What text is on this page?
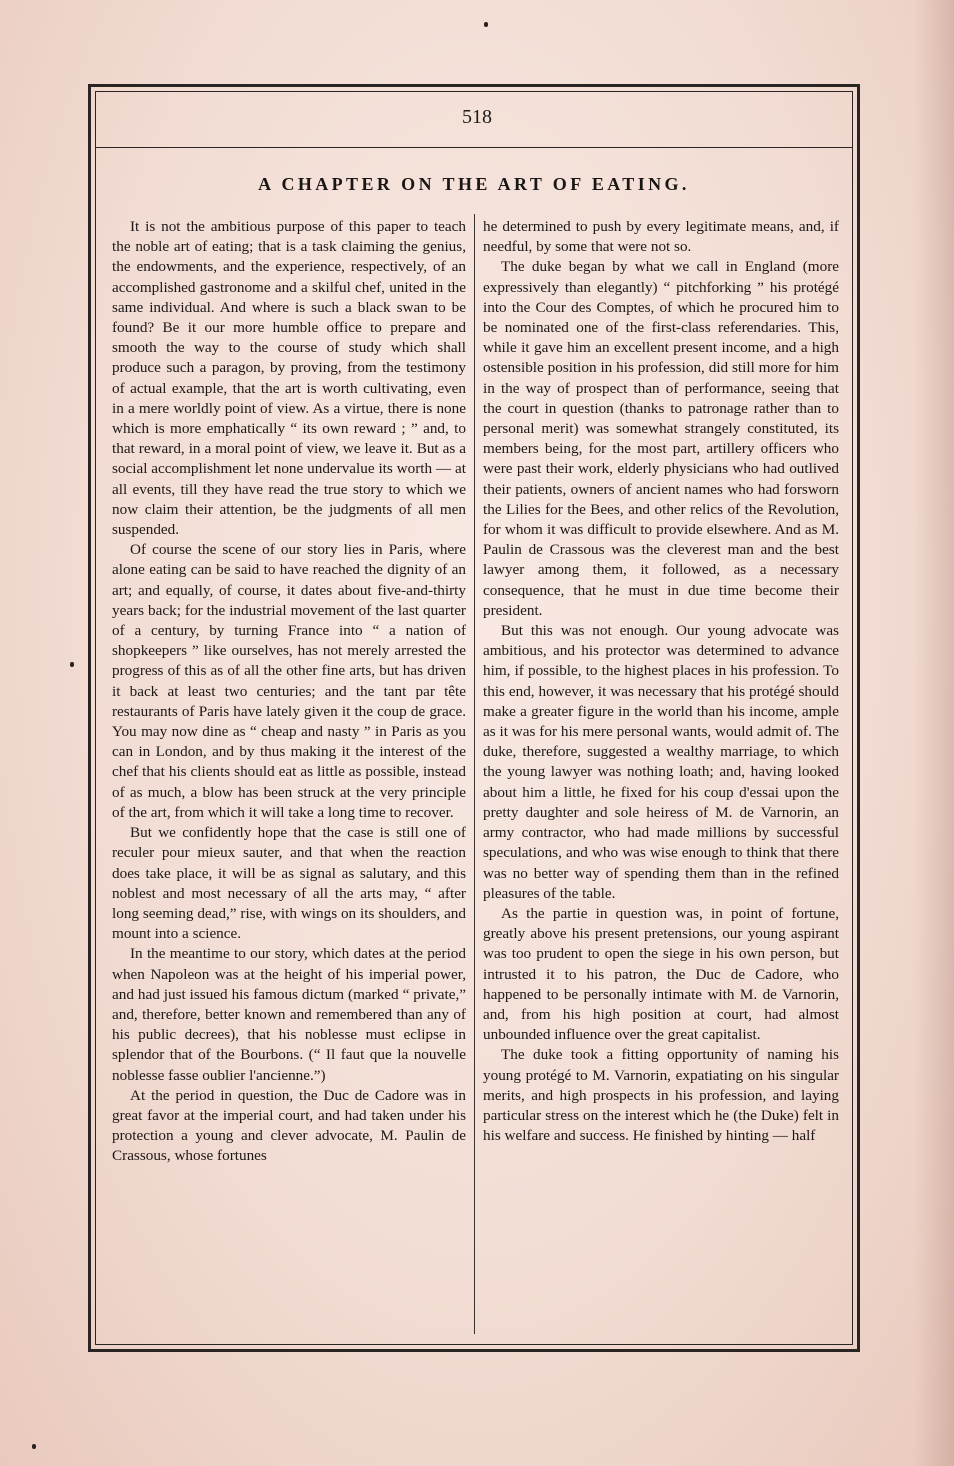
518

A CHAPTER ON THE ART OF EATING.

It is not the ambitious purpose of this paper to teach the noble art of eating; that is a task claiming the genius, the endowments, and the experience, respectively, of an accomplished gastronome and a skilful chef, united in the same individual. And where is such a black swan to be found? Be it our more humble office to prepare and smooth the way to the course of study which shall produce such a paragon, by proving, from the testimony of actual example, that the art is worth cultivating, even in a mere worldly point of view. As a virtue, there is none which is more emphatically “ its own reward ; ” and, to that reward, in a moral point of view, we leave it. But as a social accomplishment let none undervalue its worth — at all events, till they have read the true story to which we now claim their attention, be the judgments of all men suspended.

Of course the scene of our story lies in Paris, where alone eating can be said to have reached the dignity of an art; and equally, of course, it dates about five-and-thirty years back; for the industrial movement of the last quarter of a century, by turning France into “ a nation of shopkeepers ” like ourselves, has not merely arrested the progress of this as of all the other fine arts, but has driven it back at least two centuries; and the tant par tête restaurants of Paris have lately given it the coup de grace. You may now dine as “ cheap and nasty ” in Paris as you can in London, and by thus making it the interest of the chef that his clients should eat as little as possible, instead of as much, a blow has been struck at the very principle of the art, from which it will take a long time to recover.

But we confidently hope that the case is still one of reculer pour mieux sauter, and that when the reaction does take place, it will be as signal as salutary, and this noblest and most necessary of all the arts may, “ after long seeming dead,” rise, with wings on its shoulders, and mount into a science.

In the meantime to our story, which dates at the period when Napoleon was at the height of his imperial power, and had just issued his famous dictum (marked “ private,” and, therefore, better known and remembered than any of his public decrees), that his noblesse must eclipse in splendor that of the Bourbons. (“ Il faut que la nouvelle noblesse fasse oublier l'ancienne.”)

At the period in question, the Duc de Cadore was in great favor at the imperial court, and had taken under his protection a young and clever advocate, M. Paulin de Crassous, whose fortunes

he determined to push by every legitimate means, and, if needful, by some that were not so.

The duke began by what we call in England (more expressively than elegantly) “ pitchforking ” his protégé into the Cour des Comptes, of which he procured him to be nominated one of the first-class referendaries. This, while it gave him an excellent present income, and a high ostensible position in his profession, did still more for him in the way of prospect than of performance, seeing that the court in question (thanks to patronage rather than to personal merit) was somewhat strangely constituted, its members being, for the most part, artillery officers who were past their work, elderly physicians who had outlived their patients, owners of ancient names who had forsworn the Lilies for the Bees, and other relics of the Revolution, for whom it was difficult to provide elsewhere. And as M. Paulin de Crassous was the cleverest man and the best lawyer among them, it followed, as a necessary consequence, that he must in due time become their president.

But this was not enough. Our young advocate was ambitious, and his protector was determined to advance him, if possible, to the highest places in his profession. To this end, however, it was necessary that his protégé should make a greater figure in the world than his income, ample as it was for his mere personal wants, would admit of. The duke, therefore, suggested a wealthy marriage, to which the young lawyer was nothing loath; and, having looked about him a little, he fixed for his coup d'essai upon the pretty daughter and sole heiress of M. de Varnorin, an army contractor, who had made millions by successful speculations, and who was wise enough to think that there was no better way of spending them than in the refined pleasures of the table.

As the partie in question was, in point of fortune, greatly above his present pretensions, our young aspirant was too prudent to open the siege in his own person, but intrusted it to his patron, the Duc de Cadore, who happened to be personally intimate with M. de Varnorin, and, from his high position at court, had almost unbounded influence over the great capitalist.

The duke took a fitting opportunity of naming his young protégé to M. Varnorin, expatiating on his singular merits, and high prospects in his profession, and laying particular stress on the interest which he (the Duke) felt in his welfare and success. He finished by hinting — half
